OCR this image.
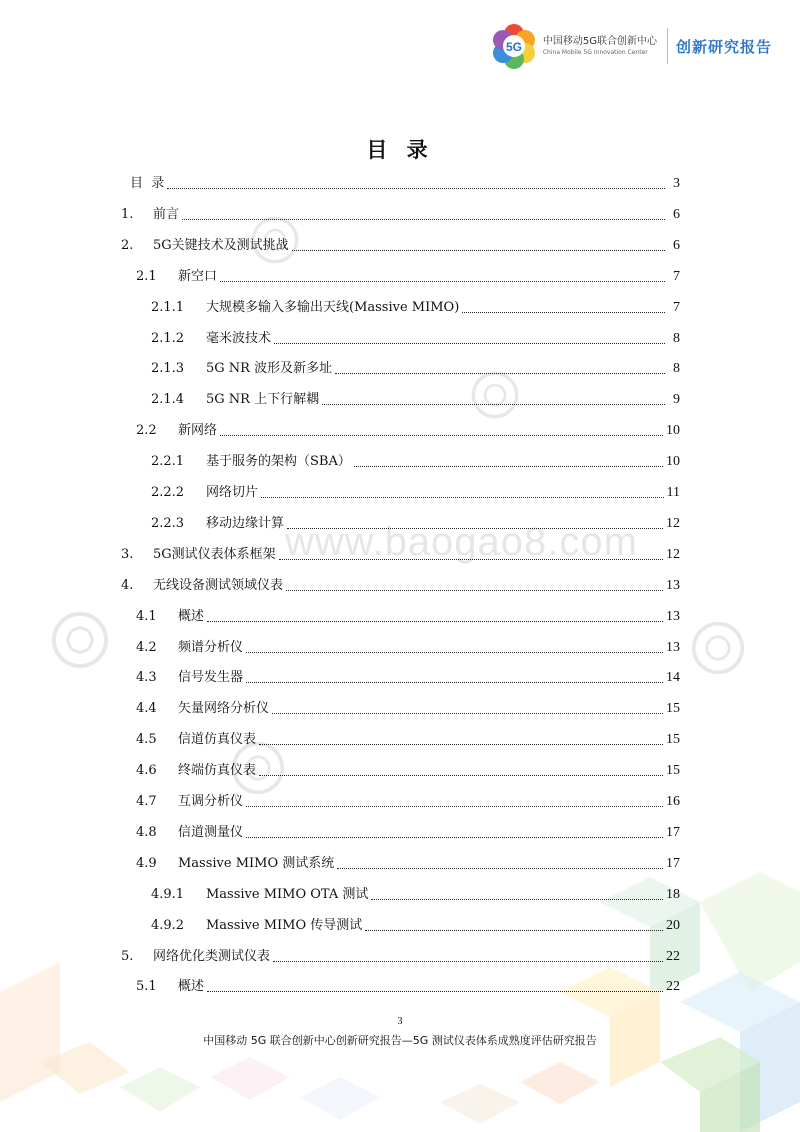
www.baogao8.com
5G 中国移动5G联合创新中心
China Mobile 5G Innovation Center	创新研究报告
目 录
目  录	3
1.	前言	6
2.	5G关键技术及测试挑战	6
2.1	新空口	7
2.1.1	大规模多输入多输出天线(Massive MIMO)	7
2.1.2	毫米波技术	8
2.1.3	5G NR 波形及新多址	8
2.1.4	5G NR 上下行解耦	9
2.2	新网络	10
2.2.1	基于服务的架构（SBA）	10
2.2.2	网络切片	11
2.2.3	移动边缘计算	12
3.	5G测试仪表体系框架	12
4.	无线设备测试领域仪表	13
4.1	概述	13
4.2	频谱分析仪	13
4.3	信号发生器	14
4.4	矢量网络分析仪	15
4.5	信道仿真仪表	15
4.6	终端仿真仪表	15
4.7	互调分析仪	16
4.8	信道测量仪	17
4.9	Massive MIMO 测试系统	17
4.9.1	Massive MIMO OTA 测试	18
4.9.2	Massive MIMO 传导测试	20
5.	网络优化类测试仪表	22
5.1	概述	22
3
中国移动 5G 联合创新中心创新研究报告—5G 测试仪表体系成熟度评估研究报告
